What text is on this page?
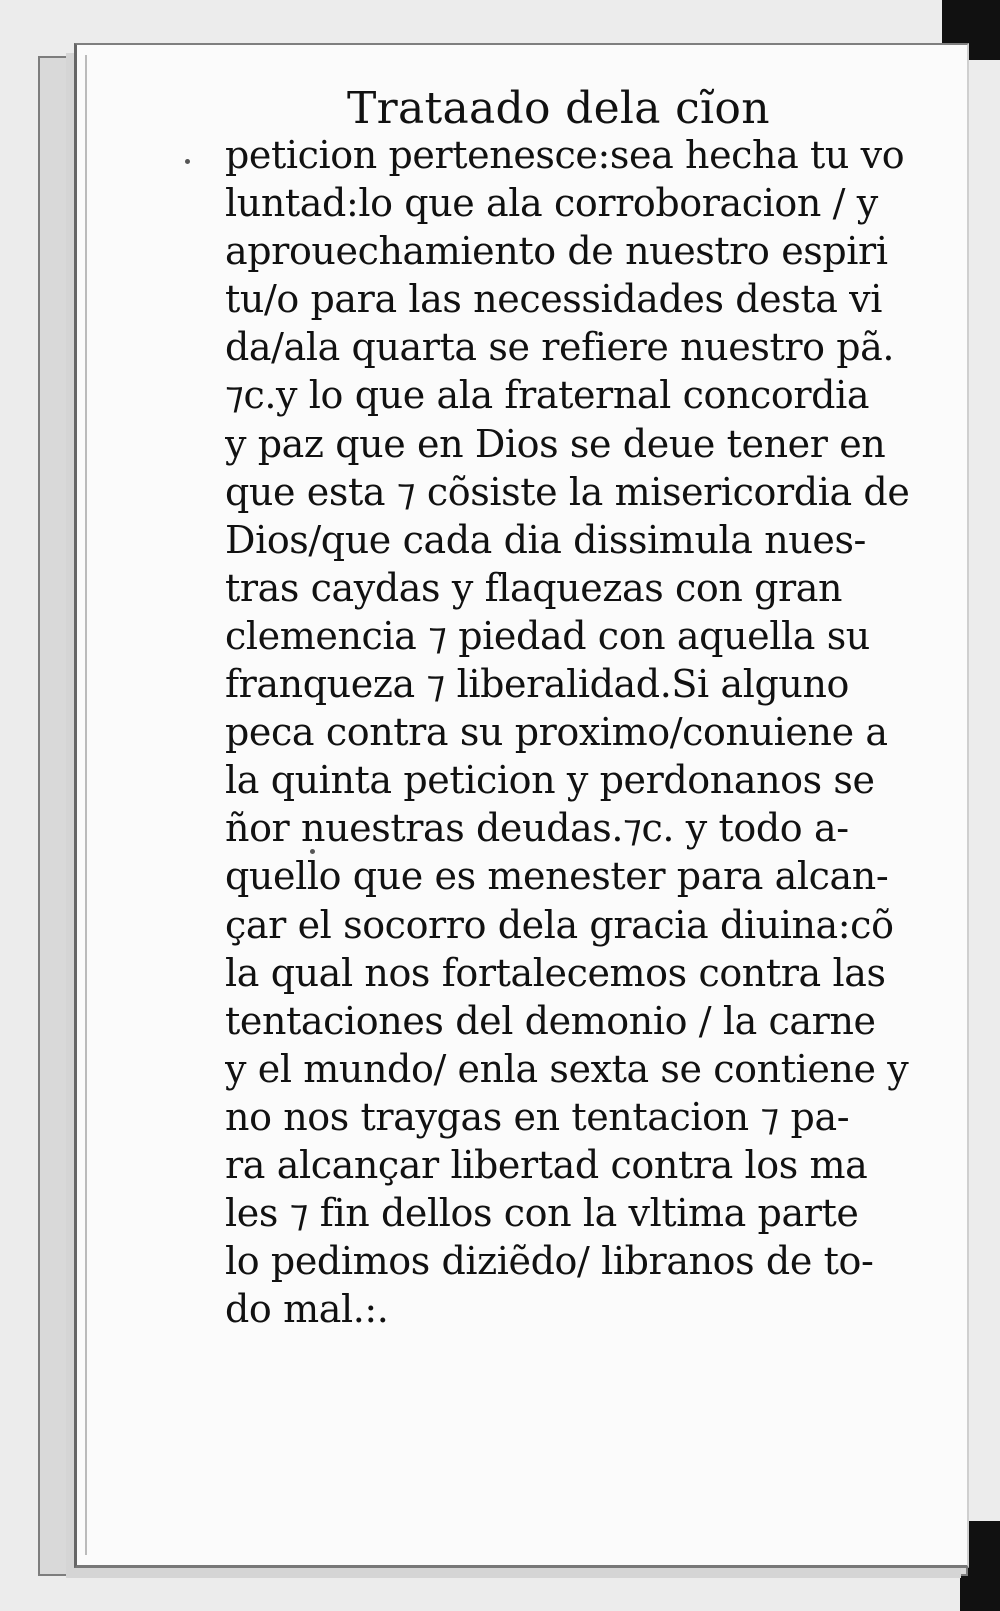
Trataado dela cĩon
peticion pertenesce:sea hecha tu vo
luntad:lo que ala corroboracion / y
aprouechamiento de nuestro espiri
tu/o para las necessidades desta vi
da/ala quarta se refiere nuestro pã.
⁊c.y lo que ala fraternal concordia
y paz que en Dios se deue tener en
que esta ⁊ cõsiste la misericordia de
Dios/que cada dia dissimula nues-
tras caydas y flaquezas con gran
clemencia ⁊ piedad con aquella su
franqueza ⁊ liberalidad.Si alguno
peca contra su proximo/conuiene a
la quinta peticion y perdonanos se
ñor nuestras deudas.⁊c. y todo a-
quello que es menester para alcan-
çar el socorro dela gracia diuina:cõ
la qual nos fortalecemos contra las
tentaciones del demonio / la carne
y el mundo/ enla sexta se contiene y
no nos traygas en tentacion ⁊ pa-
ra alcançar libertad contra los ma
les ⁊ fin dellos con la vltima parte
lo pedimos diziẽdo/ libranos de to-
do mal.:.
